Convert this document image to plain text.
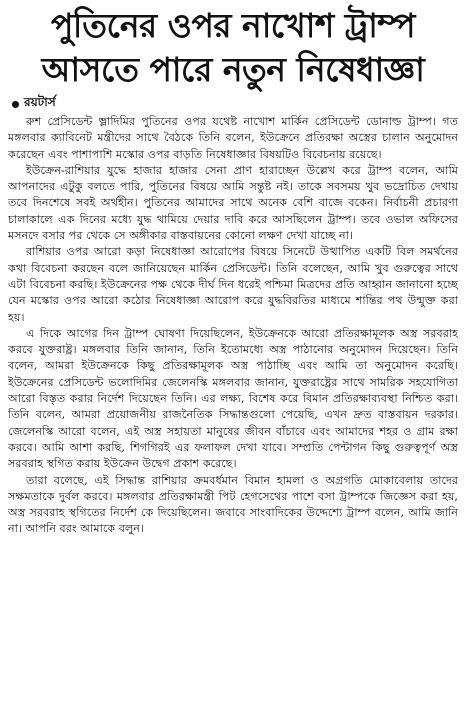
পুতিনের ওপর নাখোশ ট্রাম্প
আসতে পারে নতুন নিষেধাজ্ঞা
রয়টার্স

রুশ প্রেসিডেন্ট ভ্লাদিমির পুতিনের ওপর যথেষ্ট নাখোশ মার্কিন প্রেসিডেন্ট ডোনাল্ড ট্রাম্প। গত মঙ্গলবার ক্যাবিনেট মন্ত্রীদের সাথে বৈঠকে তিনি বলেন, ইউক্রেনে প্রতিরক্ষা অস্ত্রের চালান অনুমোদন করেছেন এবং পাশাপাশি মস্কোর ওপর বাড়তি নিষেধাজ্ঞার বিষয়টিও বিবেচনায় রয়েছে।

ইউক্রেন-রাশিয়ার যুদ্ধে হাজার হাজার সেনা প্রাণ হারাচ্ছেন উল্লেখ করে ট্রাম্প বলেন, আমি আপনাদের এটুকু বলতে পারি, পুতিনের বিষয়ে আমি সন্তুষ্ট নই। তাকে সবসময় খুব ভদ্রোচিত দেখায় তবে দিনশেষে সবই অর্থহীন। পুতিনের আমাদের সাথে অনেক বেশি বাজে বকেন। নির্বাচনী প্রচারণা চালাকালে এক দিনের মধ্যে যুদ্ধ থামিয়ে দেয়ার দাবি করে আসছিলেন ট্রাম্প। তবে ওভাল অফিসের মসনদে বসার পর থেকে সে অঙ্গীকার বাস্তবায়নের কোনো লক্ষণ দেখা যাচ্ছে না।

রাশিয়ার ওপর আরো কড়া নিষেধাজ্ঞা আরোপের বিষয়ে সিনেটে উত্থাপিত একটি বিল সমর্থনের কথা বিবেচনা করছেন বলে জানিয়েছেন মার্কিন প্রেসিডেন্ট। তিনি বলেছেন, আমি খুব গুরুত্বের সাথে এটা বিবেচনা করছি। ইউক্রেনের পক্ষ থেকে দীর্ঘ দিন ধরেই পশ্চিমা মিত্রদের প্রতি আহ্বান জানানো হচ্ছে যেন মস্কোর ওপর আরো কঠোর নিষেধাজ্ঞা আরোপ করে যুদ্ধবিরতির মাধ্যমে শান্তির পথ উন্মুক্ত করা হয়।

এ দিকে আগের দিন ট্রাম্প ঘোষণা দিয়েছিলেন, ইউক্রেনকে আরো প্রতিরক্ষামূলক অস্ত্র সরবরাহ করবে যুক্তরাষ্ট্র। মঙ্গলবার তিনি জানান, তিনি ইতোমধ্যে অস্ত্র পাঠানোর অনুমোদন দিয়েছেন। তিনি বলেন, আমরা ইউক্রেনকে কিছু প্রতিরক্ষামূলক অস্ত্র পাঠাচ্ছি এবং আমি তা অনুমোদন করেছি। ইউক্রেনের প্রেসিডেন্ট ভলোদিমির জেলেনস্কি মঙ্গলবার জানান, যুক্তরাষ্ট্রের সাথে সামরিক সহযোগিতা আরো বিস্তৃত করার নির্দেশ দিয়েছেন তিনি। এর লক্ষ্য, বিশেষ করে বিমান প্রতিরক্ষাব্যবস্থা নিশ্চিত করা। তিনি বলেন, আমরা প্রয়োজনীয় রাজনৈতিক সিদ্ধান্তগুলো পেয়েছি, এখন দ্রুত বাস্তবায়ন দরকার। জেলেনস্কি আরো বলেন, এই অস্ত্র সহায়তা মানুষের জীবন বাঁচাবে এবং আমাদের শহর ও গ্রাম রক্ষা করবে। আমি আশা করছি, শিগগিরই এর ফলাফল দেখা যাবে। সম্প্রতি পেন্টাগন কিছু গুরুত্বপূর্ণ অস্ত্র সরবরাহ স্থগিত করায় ইউক্রেন উদ্বেগ প্রকাশ করেছে।

তারা বলেছে, এই সিদ্ধান্ত রাশিয়ার ক্রমবর্ধমান বিমান হামলা ও অগ্রগতি মোকাবেলায় তাদের সক্ষমতাকে দুর্বল করবে। মঙ্গলবার প্রতিরক্ষামন্ত্রী পিট হেগসেথের পাশে বসা ট্রাম্পকে জিজ্ঞেস করা হয়, অস্ত্র সরবরাহ স্থগিতের নির্দেশ কে দিয়েছিলেন। জবাবে সাংবাদিকের উদ্দেশ্যে ট্রাম্প বলেন, আমি জানি না। আপনি বরং আমাকে বলুন।
